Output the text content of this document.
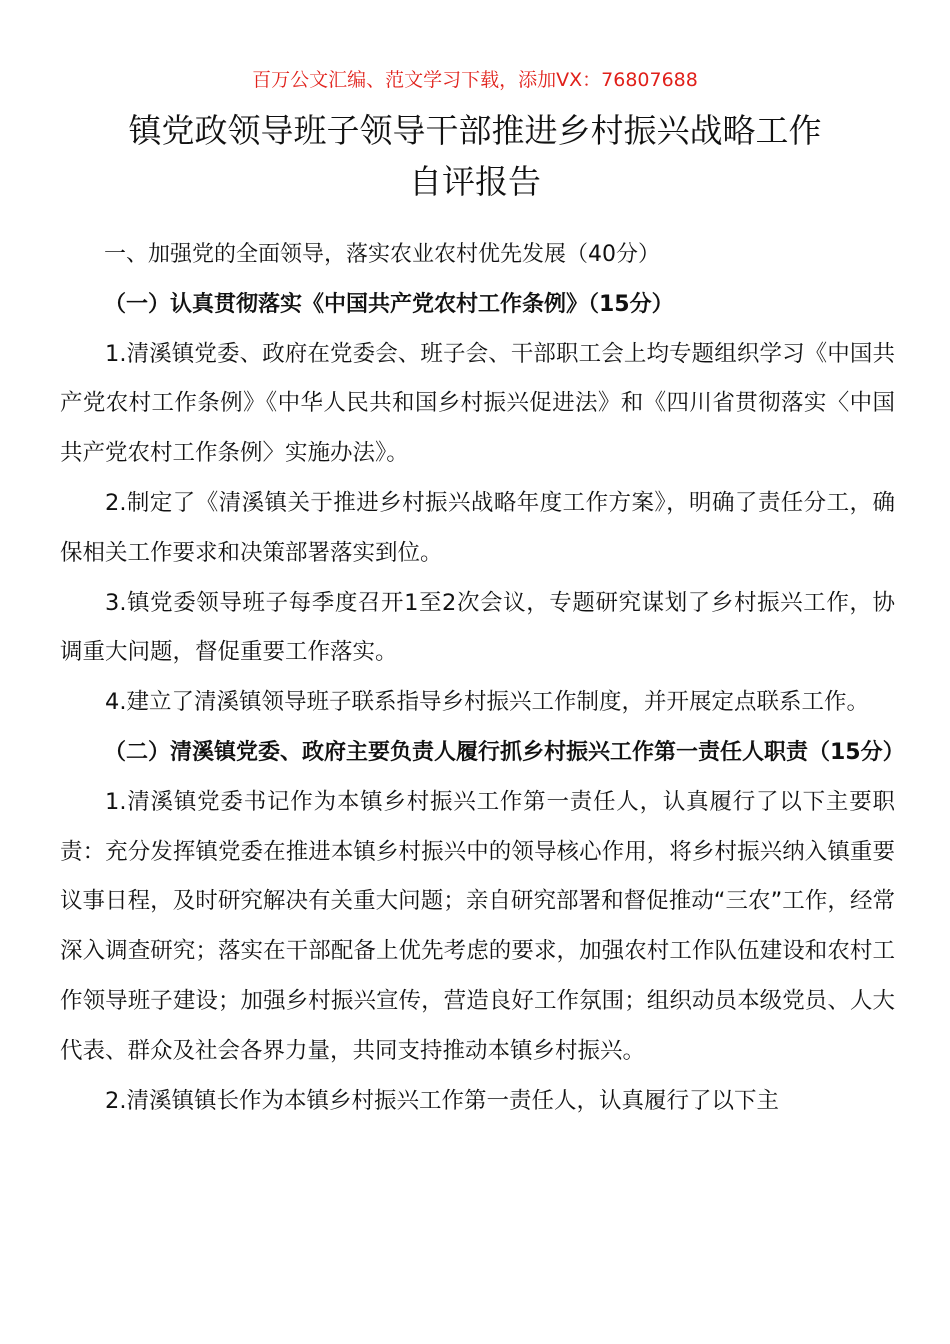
百万公文汇编、范文学习下载，添加VX：76807688
镇党政领导班子领导干部推进乡村振兴战略工作
自评报告

一、加强党的全面领导，落实农业农村优先发展（40分）

（一）认真贯彻落实《中国共产党农村工作条例》（15分）

1.清溪镇党委、政府在党委会、班子会、干部职工会上均专题组织学习《中国共产党农村工作条例》《中华人民共和国乡村振兴促进法》和《四川省贯彻落实〈中国共产党农村工作条例〉实施办法》。

2.制定了《清溪镇关于推进乡村振兴战略年度工作方案》，明确了责任分工，确保相关工作要求和决策部署落实到位。

3.镇党委领导班子每季度召开1至2次会议，专题研究谋划了乡村振兴工作，协调重大问题，督促重要工作落实。

4.建立了清溪镇领导班子联系指导乡村振兴工作制度，并开展定点联系工作。

（二）清溪镇党委、政府主要负责人履行抓乡村振兴工作第一责任人职责（15分）

1.清溪镇党委书记作为本镇乡村振兴工作第一责任人，认真履行了以下主要职责：充分发挥镇党委在推进本镇乡村振兴中的领导核心作用，将乡村振兴纳入镇重要议事日程，及时研究解决有关重大问题；亲自研究部署和督促推动“三农”工作，经常深入调查研究；落实在干部配备上优先考虑的要求，加强农村工作队伍建设和农村工作领导班子建设；加强乡村振兴宣传，营造良好工作氛围；组织动员本级党员、人大代表、群众及社会各界力量，共同支持推动本镇乡村振兴。

2.清溪镇镇长作为本镇乡村振兴工作第一责任人，认真履行了以下主
